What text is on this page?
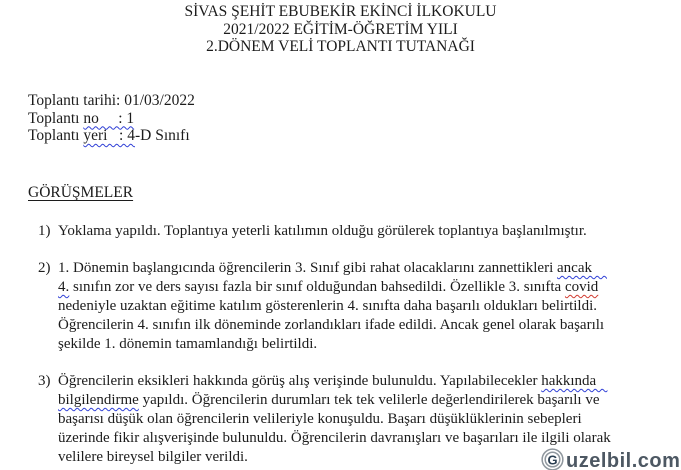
SİVAS ŞEHİT EBUBEKİR EKİNCİ İLKOKULU
2021/2022 EĞİTİM-ÖĞRETİM YILI
2.DÖNEM VELİ TOPLANTI TUTANAĞI
Toplantı tarihi: 01/03/2022
Toplantı no     : 1
Toplantı yeri   : 4-D Sınıfı
GÖRÜŞMELER
1) Yoklama yapıldı. Toplantıya yeterli katılımın olduğu görülerek toplantıya başlanılmıştır.
2) 1. Dönemin başlangıcında öğrencilerin 3. Sınıf gibi rahat olacaklarını zannettikleri ancak
4. sınıfın zor ve ders sayısı fazla bir sınıf olduğundan bahsedildi. Özellikle 3. sınıfta covid
nedeniyle uzaktan eğitime katılım gösterenlerin 4. sınıfta daha başarılı oldukları belirtildi.
Öğrencilerin 4. sınıfın ilk döneminde zorlandıkları ifade edildi. Ancak genel olarak başarılı
şekilde 1. dönemin tamamlandığı belirtildi.
3) Öğrencilerin eksikleri hakkında görüş alış verişinde bulunuldu. Yapılabilecekler hakkında
bilgilendirme yapıldı. Öğrencilerin durumları tek tek velilerle değerlendirilerek başarılı ve
başarısı düşük olan öğrencilerin velileriyle konuşuldu. Başarı düşüklüklerinin sebepleri
üzerinde fikir alışverişinde bulunuldu. Öğrencilerin davranışları ve başarıları ile ilgili olarak
velilere bireysel bilgiler verildi.	G uzelbil.com
